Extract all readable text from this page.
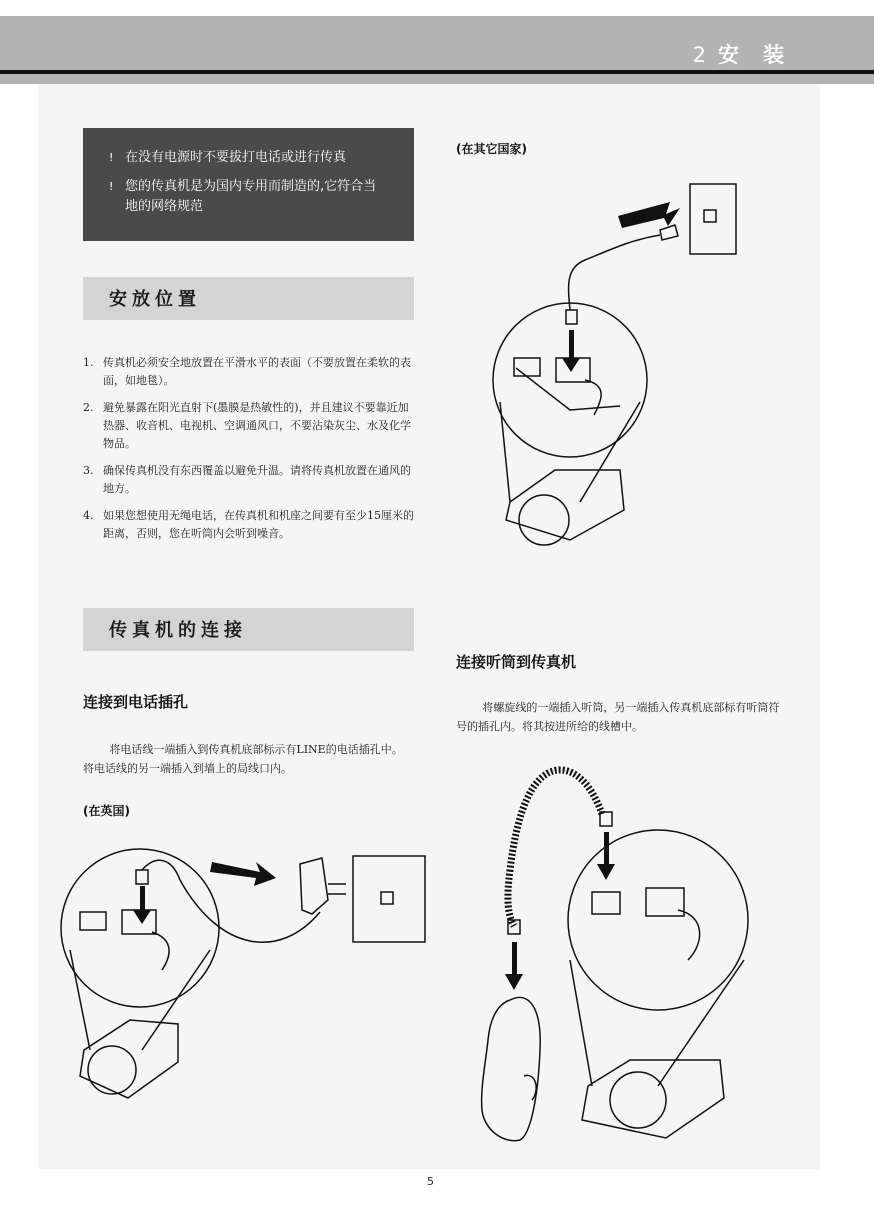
2 安 装
! 在没有电源时不要拔打电话或进行传真
! 您的传真机是为国内专用而制造的,它符合当地的网络规范
安放位置
1. 传真机必须安全地放置在平滑水平的表面（不要放置在柔软的表面，如地毯）。
2. 避免暴露在阳光直射下(墨膜是热敏性的)，并且建议不要靠近加热器、收音机、电视机、空调通风口，不要沾染灰尘、水及化学物品。
3. 确保传真机没有东西覆盖以避免升温。请将传真机放置在通风的地方。
4. 如果您想使用无绳电话，在传真机和机座之间要有至少15厘米的距离，否则，您在听筒内会听到噪音。
传真机的连接
连接到电话插孔
将电话线一端插入到传真机底部标示有LINE的电话插孔中。将电话线的另一端插入到墙上的局线口内。
(在英国)
(在其它国家)
连接听筒到传真机
将螺旋线的一端插入听筒，另一端插入传真机底部标有听筒符号的插孔内。将其按进所给的线槽中。
5
